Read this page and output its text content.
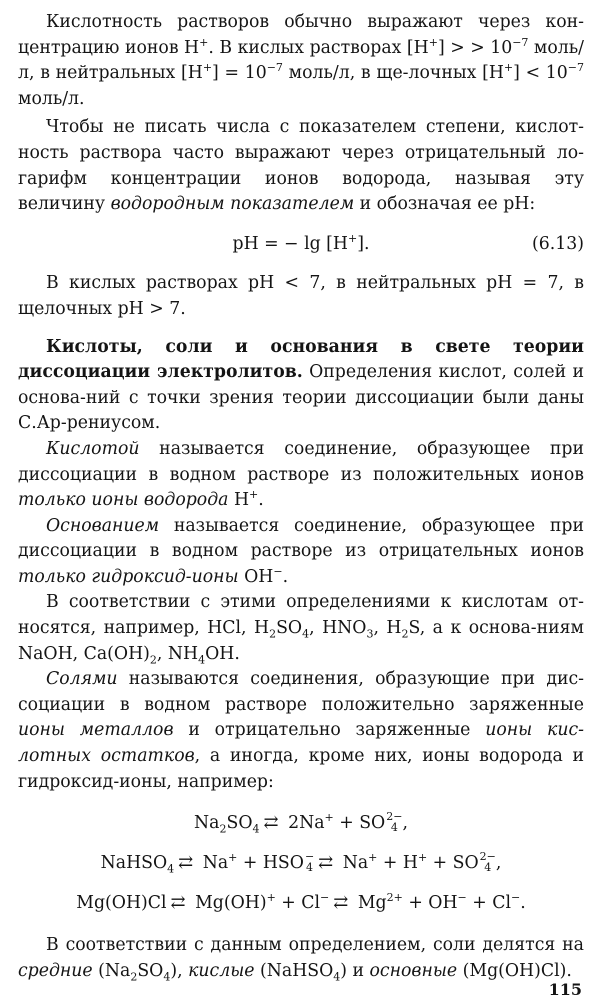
Кислотность растворов обычно выражают через кон-центрацию ионов H+. В кислых растворах [H+] > > $10^{-7}$ моль/л, в нейтральных $[H^+] = 10^{-7}$ моль/л, в ще-лочных $[H^+] < 10^{-7}$ моль/л.

Чтобы не писать числа с показателем степени, кислот-ность раствора часто выражают через отрицательный ло-гарифм концентрации ионов водорода, называя эту величину водородным показателем и обозначая ее pH:

pH = − lg [H+].	(6.13)

В кислых растворах pH < 7, в нейтральных pH = 7, в щелочных pH > 7.

Кислоты, соли и основания в свете теории диссоциации электролитов. Определения кислот, солей и основа-ний с точки зрения теории диссоциации были даны С.Ар-рениусом.

Кислотой называется соединение, образующее при диссоциации в водном растворе из положительных ионов только ионы водорода H+.

Основанием называется соединение, образующее при диссоциации в водном растворе из отрицательных ионов только гидроксид-ионы OH−.

В соответствии с этими определениями к кислотам от-носятся, например, HCl, $H_2SO_4$, $HNO_3$, $H_2S$, а к основа-ниям NaOH, $Ca(OH)_2$, $NH_4OH$.

Солями называются соединения, образующие при дис-социации в водном растворе положительно заряженные ионы металлов и отрицательно заряженные ионы кис-лотных остатков, а иногда, кроме них, ионы водорода и гидроксид-ионы, например:

$Na_2SO_4$ ⇄ 2Na+ + SO 2−
4 ,
NaHSO$_4$ ⇄ Na+ + HSO −
4 ⇄ Na+ + H+ + SO 2−
4 ,
Mg(OH)Cl ⇄ Mg(OH)+ + Cl− ⇄ $Mg^{2+} + OH^- + Cl^-$.

В соответствии с данным определением, соли делятся на средние $(Na_2SO_4)$, кислые (NaHSO$_4$) и основные (Mg(OH)Cl).

115
